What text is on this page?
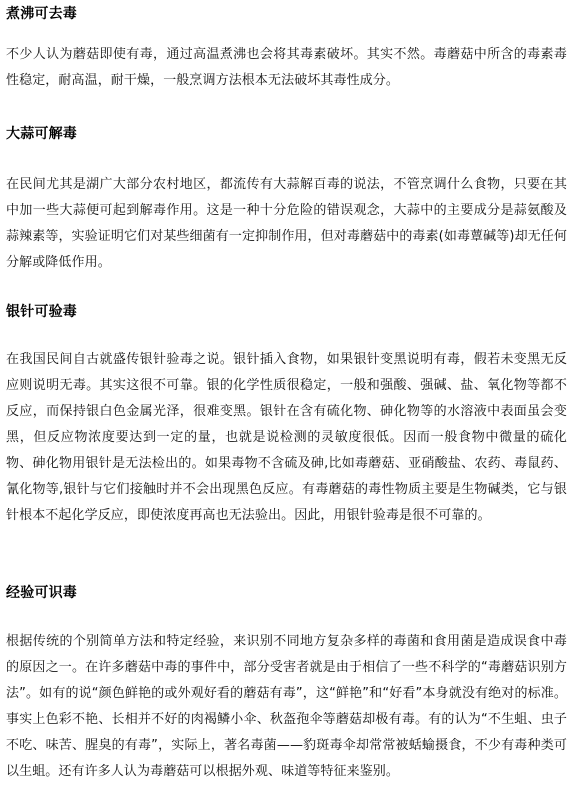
煮沸可去毒

不少人认为蘑菇即使有毒，通过高温煮沸也会将其毒素破坏。其实不然。毒蘑菇中所含的毒素毒性稳定，耐高温，耐干燥，一般烹调方法根本无法破坏其毒性成分。

大蒜可解毒

在民间尤其是湖广大部分农村地区，都流传有大蒜解百毒的说法，不管烹调什么食物，只要在其中加一些大蒜便可起到解毒作用。这是一种十分危险的错误观念，大蒜中的主要成分是蒜氨酸及蒜辣素等，实验证明它们对某些细菌有一定抑制作用，但对毒蘑菇中的毒素(如毒蕈碱等)却无任何分解或降低作用。

银针可验毒

在我国民间自古就盛传银针验毒之说。银针插入食物，如果银针变黑说明有毒，假若未变黑无反应则说明无毒。其实这很不可靠。银的化学性质很稳定，一般和强酸、强碱、盐、氧化物等都不反应，而保持银白色金属光泽，很难变黑。银针在含有硫化物、砷化物等的水溶液中表面虽会变黑，但反应物浓度要达到一定的量，也就是说检测的灵敏度很低。因而一般食物中微量的硫化物、砷化物用银针是无法检出的。如果毒物不含硫及砷,比如毒蘑菇、亚硝酸盐、农药、毒鼠药、氰化物等,银针与它们接触时并不会出现黑色反应。有毒蘑菇的毒性物质主要是生物碱类，它与银针根本不起化学反应，即使浓度再高也无法验出。因此，用银针验毒是很不可靠的。

经验可识毒

根据传统的个别简单方法和特定经验，来识别不同地方复杂多样的毒菌和食用菌是造成误食中毒的原因之一。在许多蘑菇中毒的事件中，部分受害者就是由于相信了一些不科学的“毒蘑菇识别方法”。如有的说“颜色鲜艳的或外观好看的蘑菇有毒”，这“鲜艳”和“好看”本身就没有绝对的标准。事实上色彩不艳、长相并不好的肉褐鳞小伞、秋盔孢伞等蘑菇却极有毒。有的认为“不生蛆、虫子不吃、味苦、腥臭的有毒”，实际上，著名毒菌——豹斑毒伞却常常被蛞蝓摄食，不少有毒种类可以生蛆。还有许多人认为毒蘑菇可以根据外观、味道等特征来鉴别。
